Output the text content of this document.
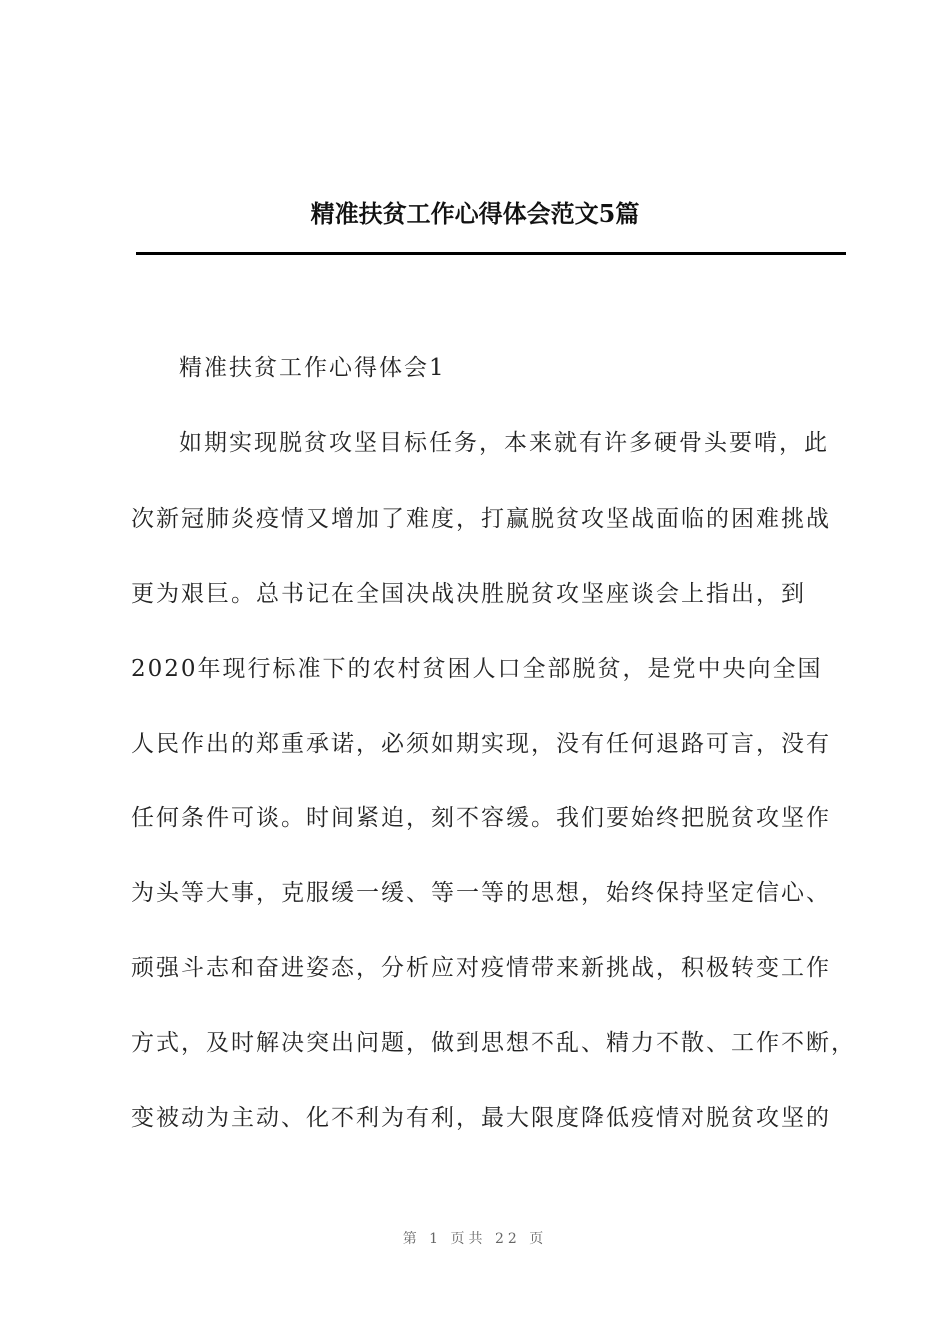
精准扶贫工作心得体会范文5篇
精准扶贫工作心得体会1
如期实现脱贫攻坚目标任务，本来就有许多硬骨头要啃，此
次新冠肺炎疫情又增加了难度，打赢脱贫攻坚战面临的困难挑战
更为艰巨。总书记在全国决战决胜脱贫攻坚座谈会上指出，到
2020年现行标准下的农村贫困人口全部脱贫，是党中央向全国
人民作出的郑重承诺，必须如期实现，没有任何退路可言，没有
任何条件可谈。时间紧迫，刻不容缓。我们要始终把脱贫攻坚作
为头等大事，克服缓一缓、等一等的思想，始终保持坚定信心、
顽强斗志和奋进姿态，分析应对疫情带来新挑战，积极转变工作
方式，及时解决突出问题，做到思想不乱、精力不散、工作不断，
变被动为主动、化不利为有利，最大限度降低疫情对脱贫攻坚的
第 1 页共 22 页
